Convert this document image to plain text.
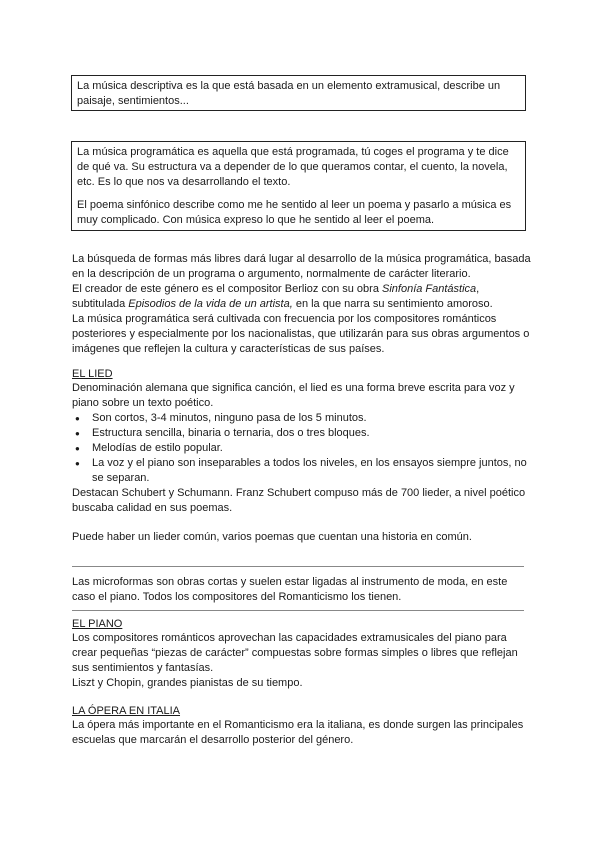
La música descriptiva es la que está basada en un elemento extramusical, describe un paisaje, sentimientos...

La música programática es aquella que está programada, tú coges el programa y te dice de qué va. Su estructura va a depender de lo que queramos contar, el cuento, la novela, etc. Es lo que nos va desarrollando el texto.

El poema sinfónico describe como me he sentido al leer un poema y pasarlo a música es muy complicado. Con música expreso lo que he sentido al leer el poema.

La búsqueda de formas más libres dará lugar al desarrollo de la música programática, basada en la descripción de un programa o argumento, normalmente de carácter literario.

El creador de este género es el compositor Berlioz con su obra Sinfonía Fantástica, subtitulada Episodios de la vida de un artista, en la que narra su sentimiento amoroso.

La música programática será cultivada con frecuencia por los compositores románticos posteriores y especialmente por los nacionalistas, que utilizarán para sus obras argumentos o imágenes que reflejen la cultura y características de sus países.

EL LIED

Denominación alemana que significa canción, el lied es una forma breve escrita para voz y piano sobre un texto poético.

● Son cortos, 3-4 minutos, ninguno pasa de los 5 minutos.
● Estructura sencilla, binaria o ternaria, dos o tres bloques.
● Melodías de estilo popular.
● La voz y el piano son inseparables a todos los niveles, en los ensayos siempre juntos, no se separan.

Destacan Schubert y Schumann. Franz Schubert compuso más de 700 lieder, a nivel poético buscaba calidad en sus poemas.

Puede haber un lieder común, varios poemas que cuentan una historia en común.
Las microformas son obras cortas y suelen estar ligadas al instrumento de moda, en este caso el piano. Todos los compositores del Romanticismo los tienen.
EL PIANO

Los compositores románticos aprovechan las capacidades extramusicales del piano para crear pequeñas “piezas de carácter” compuestas sobre formas simples o libres que reflejan sus sentimientos y fantasías.

Liszt y Chopin, grandes pianistas de su tiempo.

LA ÓPERA EN ITALIA

La ópera más importante en el Romanticismo era la italiana, es donde surgen las principales escuelas que marcarán el desarrollo posterior del género.
